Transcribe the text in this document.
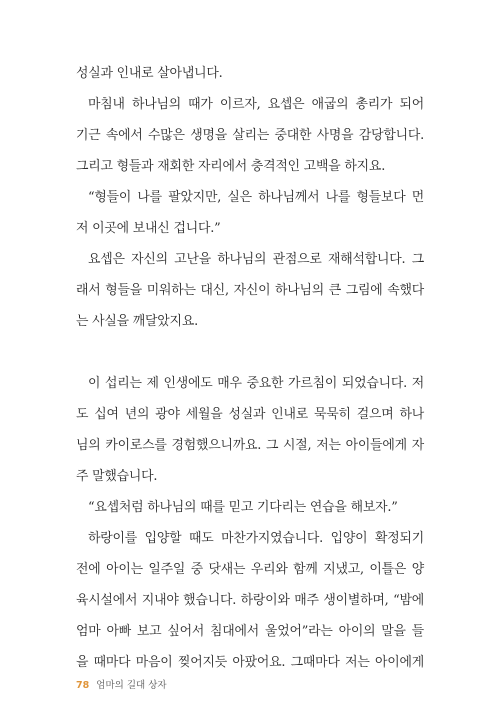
성실과 인내로 살아냅니다.
마침내 하나님의 때가 이르자, 요셉은 애굽의 총리가 되어
기근 속에서 수많은 생명을 살리는 중대한 사명을 감당합니다.
그리고 형들과 재회한 자리에서 충격적인 고백을 하지요.
“형들이 나를 팔았지만, 실은 하나님께서 나를 형들보다 먼
저 이곳에 보내신 겁니다.”
요셉은 자신의 고난을 하나님의 관점으로 재해석합니다. 그
래서 형들을 미워하는 대신, 자신이 하나님의 큰 그림에 속했다
는 사실을 깨달았지요.
이 섭리는 제 인생에도 매우 중요한 가르침이 되었습니다. 저
도 십여 년의 광야 세월을 성실과 인내로 묵묵히 걸으며 하나
님의 카이로스를 경험했으니까요. 그 시절, 저는 아이들에게 자
주 말했습니다.
“요셉처럼 하나님의 때를 믿고 기다리는 연습을 해보자.”
하랑이를 입양할 때도 마찬가지였습니다. 입양이 확정되기
전에 아이는 일주일 중 닷새는 우리와 함께 지냈고, 이틀은 양
육시설에서 지내야 했습니다. 하랑이와 매주 생이별하며, “밤에
엄마 아빠 보고 싶어서 침대에서 울었어”라는 아이의 말을 들
을 때마다 마음이 찢어지듯 아팠어요. 그때마다 저는 아이에게
78 엄마의 길대 상자
